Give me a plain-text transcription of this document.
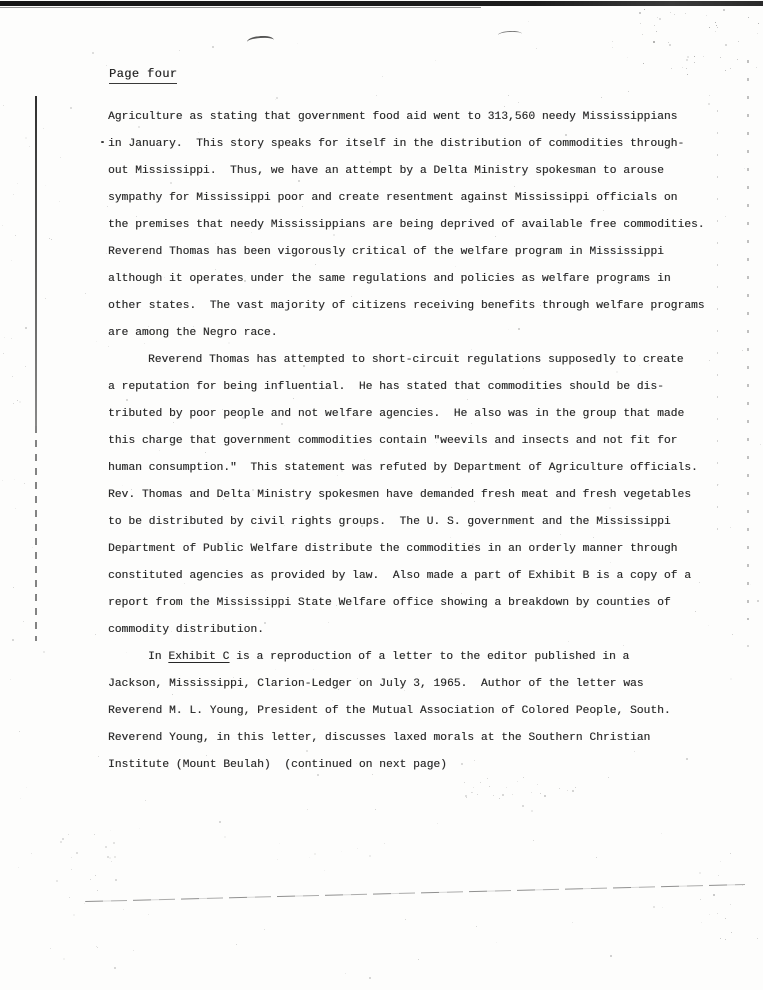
Page four
Agriculture as stating that government food aid went to 313,560 needy Mississippians
in January.  This story speaks for itself in the distribution of commodities through-
out Mississippi.  Thus, we have an attempt by a Delta Ministry spokesman to arouse
sympathy for Mississippi poor and create resentment against Mississippi officials on
the premises that needy Mississippians are being deprived of available free commodities.
Reverend Thomas has been vigorously critical of the welfare program in Mississippi
although it operates under the same regulations and policies as welfare programs in
other states.  The vast majority of citizens receiving benefits through welfare programs
are among the Negro race.
Reverend Thomas has attempted to short-circuit regulations supposedly to create
a reputation for being influential.  He has stated that commodities should be dis-
tributed by poor people and not welfare agencies.  He also was in the group that made
this charge that government commodities contain "weevils and insects and not fit for
human consumption."  This statement was refuted by Department of Agriculture officials.
Rev. Thomas and Delta Ministry spokesmen have demanded fresh meat and fresh vegetables
to be distributed by civil rights groups.  The U. S. government and the Mississippi
Department of Public Welfare distribute the commodities in an orderly manner through
constituted agencies as provided by law.  Also made a part of Exhibit B is a copy of a
report from the Mississippi State Welfare office showing a breakdown by counties of
commodity distribution.
In Exhibit C is a reproduction of a letter to the editor published in a
Jackson, Mississippi, Clarion-Ledger on July 3, 1965.  Author of the letter was
Reverend M. L. Young, President of the Mutual Association of Colored People, South.
Reverend Young, in this letter, discusses laxed morals at the Southern Christian
Institute (Mount Beulah)  (continued on next page)
